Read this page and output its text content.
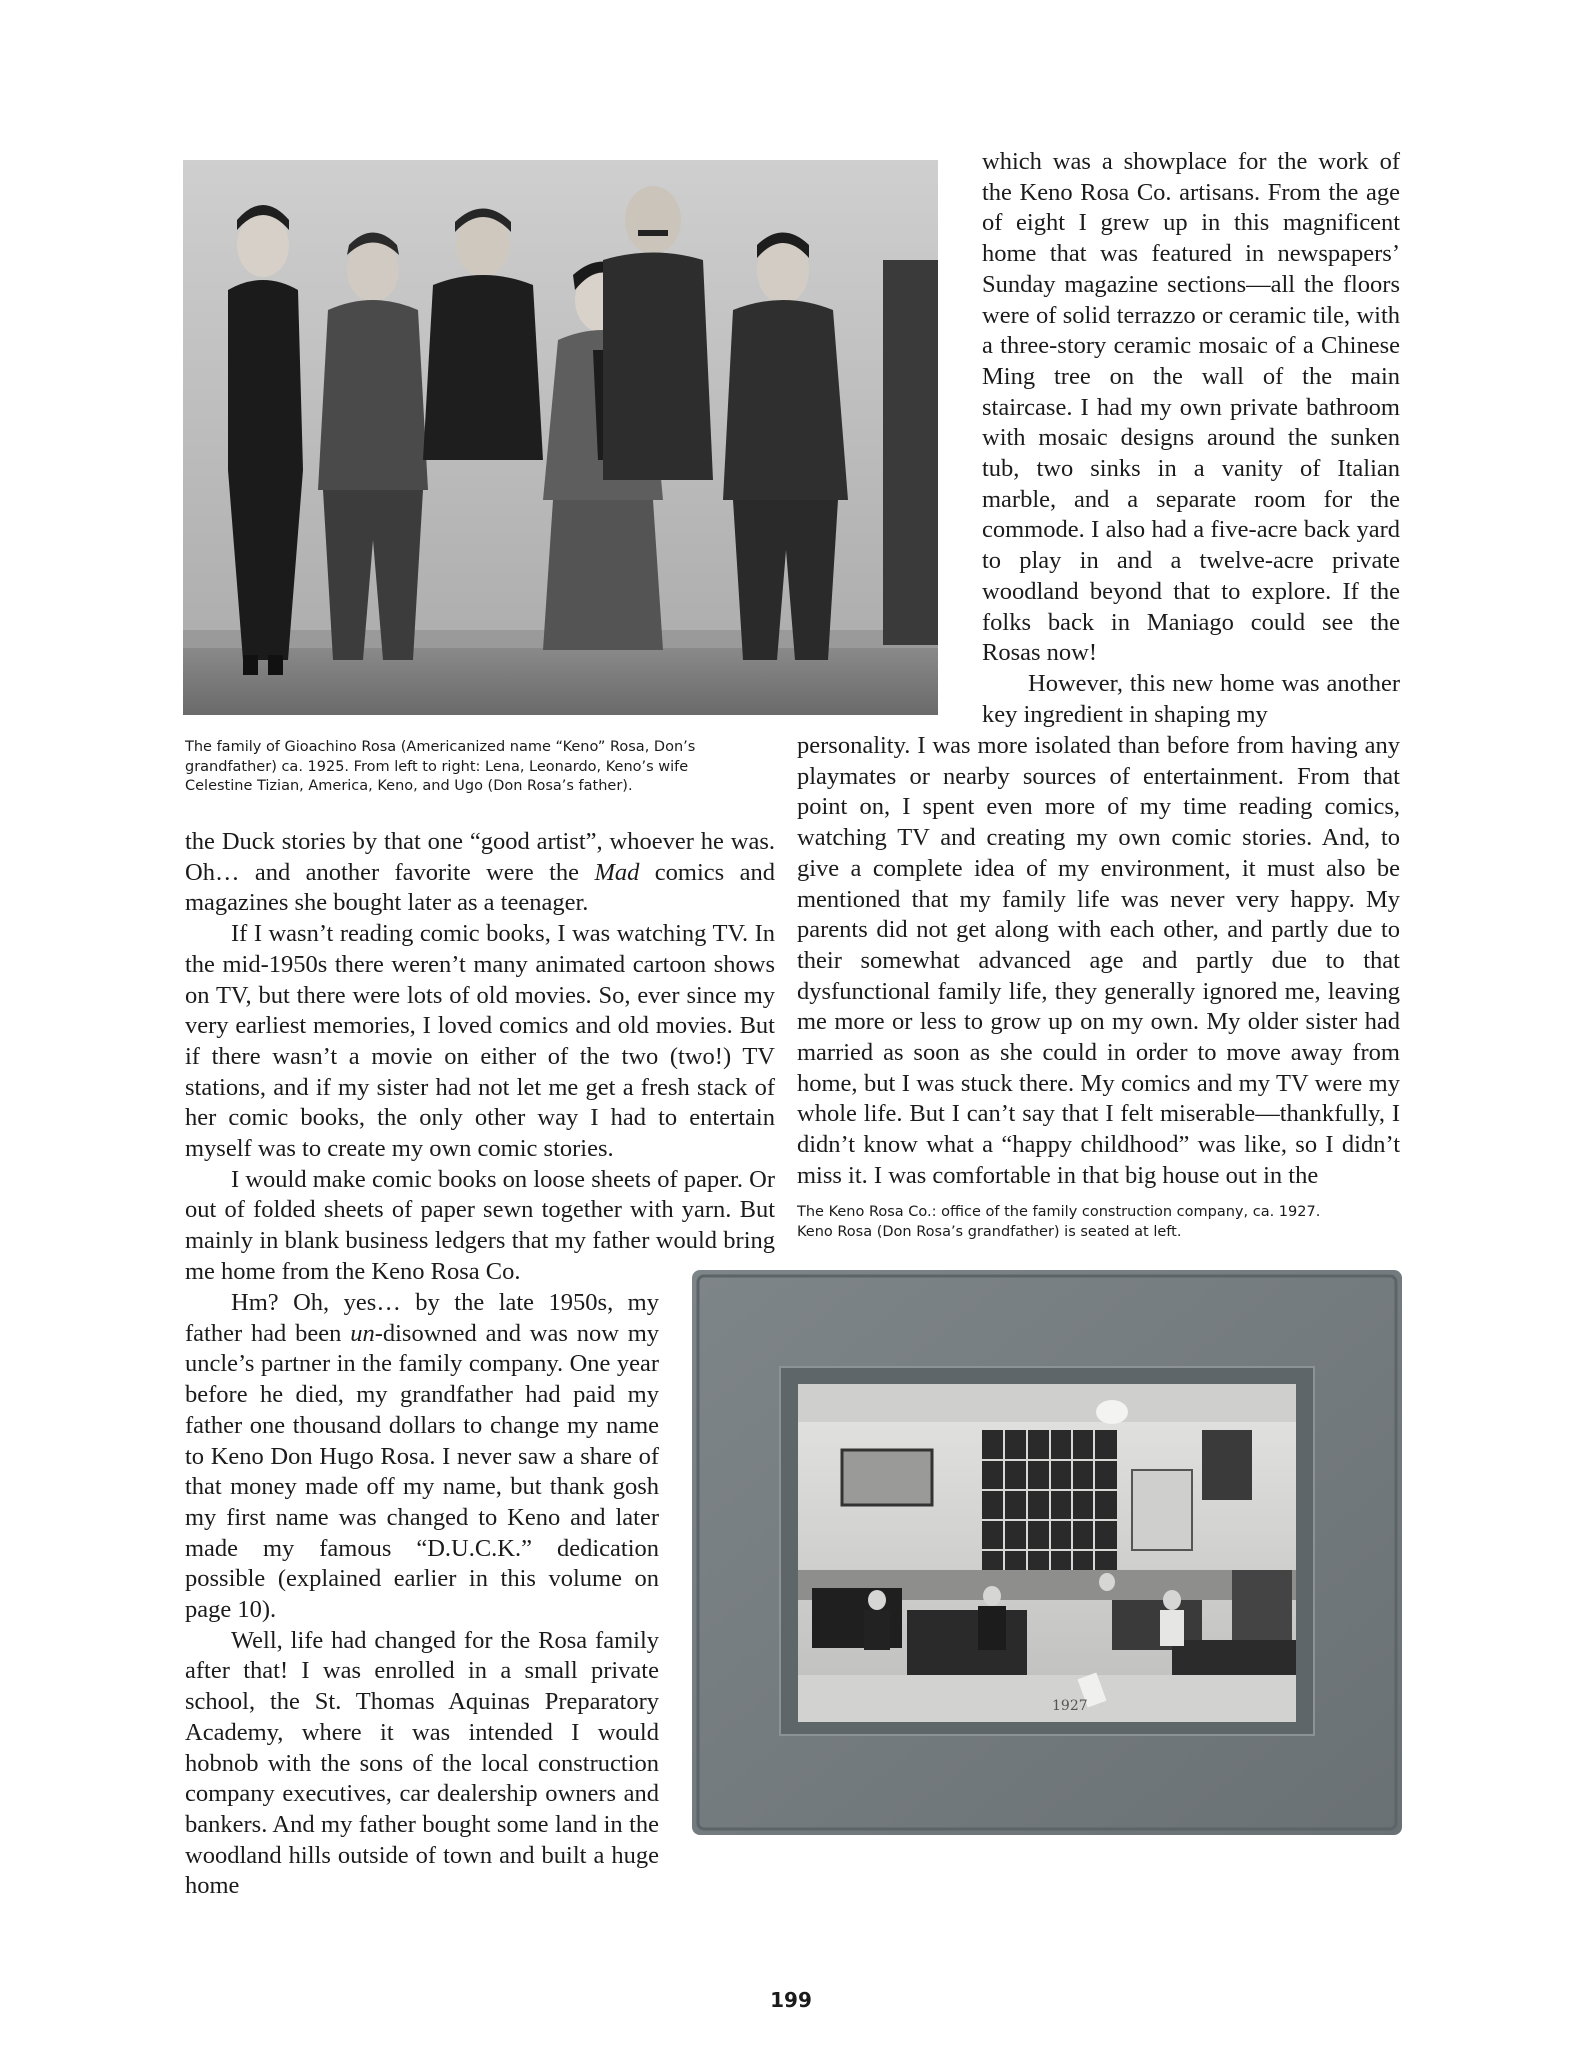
The family of Gioachino Rosa (Americanized name “Keno” Rosa, Don’s
grandfather) ca. 1925. From left to right: Lena, Leonardo, Keno’s wife
Celestine Tizian, America, Keno, and Ugo (Don Rosa’s father).

which was a showplace for the work of the Keno Rosa Co. artisans. From the age of eight I grew up in this magnificent home that was featured in newspapers’ Sunday magazine sections—all the floors were of solid terrazzo or ceramic tile, with a three-story ceramic mosaic of a Chinese Ming tree on the wall of the main staircase. I had my own private bathroom with mosaic designs around the sunken tub, two sinks in a vanity of Italian marble, and a separate room for the commode. I also had a five-acre back yard to play in and a twelve-acre private woodland beyond that to explore. If the folks back in Maniago could see the Rosas now!

However, this new home was another key ingredient in shaping my

personality. I was more isolated than before from having any playmates or nearby sources of entertainment. From that point on, I spent even more of my time reading comics, watching TV and creating my own comic stories. And, to give a complete idea of my environment, it must also be mentioned that my family life was never very happy. My parents did not get along with each other, and partly due to their somewhat advanced age and partly due to that dysfunctional family life, they generally ignored me, leaving me more or less to grow up on my own. My older sister had married as soon as she could in order to move away from home, but I was stuck there. My comics and my TV were my whole life. But I can’t say that I felt miserable—thankfully, I didn’t know what a “happy childhood” was like, so I didn’t miss it. I was comfortable in that big house out in the

The Keno Rosa Co.: office of the family construction company, ca. 1927.
Keno Rosa (Don Rosa’s grandfather) is seated at left.
1927

the Duck stories by that one “good artist”, whoever he was. Oh… and another favorite were the Mad comics and magazines she bought later as a teenager.

If I wasn’t reading comic books, I was watching TV. In the mid-1950s there weren’t many animated cartoon shows on TV, but there were lots of old movies. So, ever since my very earliest memories, I loved comics and old movies. But if there wasn’t a movie on either of the two (two!) TV stations, and if my sister had not let me get a fresh stack of her comic books, the only other way I had to entertain myself was to create my own comic stories.

I would make comic books on loose sheets of paper. Or out of folded sheets of paper sewn together with yarn. But mainly in blank business ledgers that my father would bring me home from the Keno Rosa Co.

Hm? Oh, yes… by the late 1950s, my father had been un-disowned and was now my uncle’s partner in the family company. One year before he died, my grandfather had paid my father one thousand dollars to change my name to Keno Don Hugo Rosa. I never saw a share of that money made off my name, but thank gosh my first name was changed to Keno and later made my famous “D.U.C.K.” dedication possible (explained earlier in this volume on page 10).

Well, life had changed for the Rosa family after that! I was enrolled in a small private school, the St. Thomas Aquinas Preparatory Academy, where it was intended I would hobnob with the sons of the local construction company executives, car dealership owners and bankers. And my father bought some land in the woodland hills outside of town and built a huge home

199
